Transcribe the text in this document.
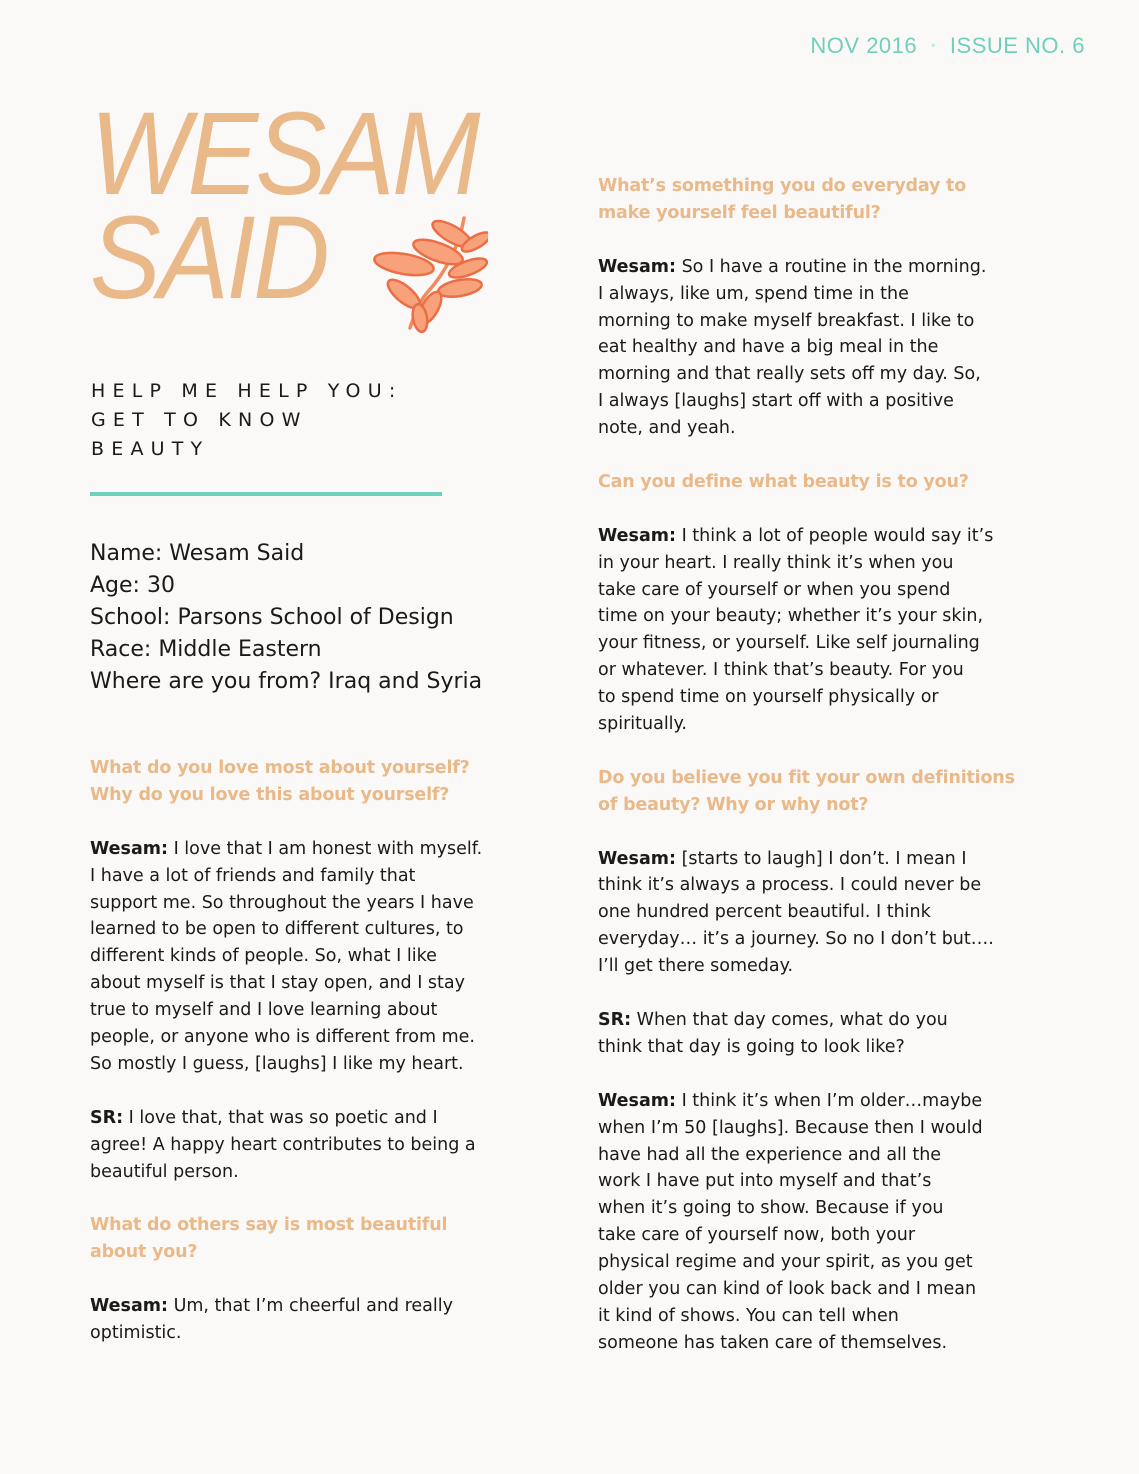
NOV 2016 ◦ ISSUE NO. 6
WESAM
SAID
HELP ME HELP YOU:
GET TO KNOW
BEAUTY
Name: Wesam Said
Age: 30
School: Parsons School of Design
Race: Middle Eastern
Where are you from? Iraq and Syria
What do you love most about yourself?
Why do you love this about yourself?
Wesam: I love that I am honest with myself.
I have a lot of friends and family that
support me. So throughout the years I have
learned to be open to different cultures, to
different kinds of people. So, what I like
about myself is that I stay open, and I stay
true to myself and I love learning about
people, or anyone who is different from me.
So mostly I guess, [laughs] I like my heart.
SR: I love that, that was so poetic and I
agree! A happy heart contributes to being a
beautiful person.
What do others say is most beautiful
about you?
Wesam: Um, that I’m cheerful and really
optimistic.
What’s something you do everyday to
make yourself feel beautiful?
Wesam: So I have a routine in the morning.
I always, like um, spend time in the
morning to make myself breakfast. I like to
eat healthy and have a big meal in the
morning and that really sets off my day. So,
I always [laughs] start off with a positive
note, and yeah.
Can you define what beauty is to you?
Wesam: I think a lot of people would say it’s
in your heart. I really think it’s when you
take care of yourself or when you spend
time on your beauty; whether it’s your skin,
your fitness, or yourself. Like self journaling
or whatever. I think that’s beauty. For you
to spend time on yourself physically or
spiritually.
Do you believe you fit your own definitions
of beauty? Why or why not?
Wesam: [starts to laugh] I don’t. I mean I
think it’s always a process. I could never be
one hundred percent beautiful. I think
everyday… it’s a journey. So no I don’t but….
I’ll get there someday.
SR: When that day comes, what do you
think that day is going to look like?
Wesam: I think it’s when I’m older…maybe
when I’m 50 [laughs]. Because then I would
have had all the experience and all the
work I have put into myself and that’s
when it’s going to show. Because if you
take care of yourself now, both your
physical regime and your spirit, as you get
older you can kind of look back and I mean
it kind of shows. You can tell when
someone has taken care of themselves.
